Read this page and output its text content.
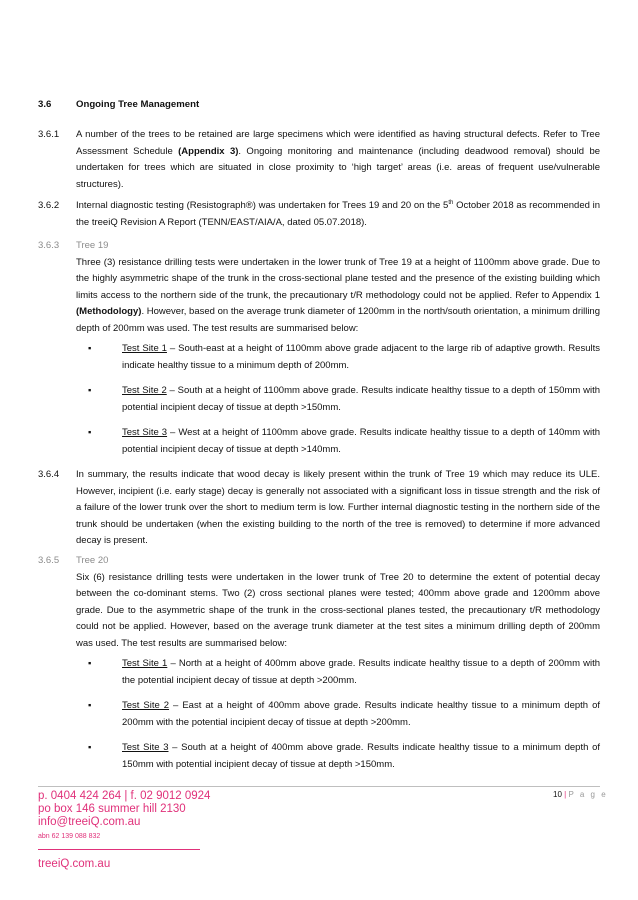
3.6	Ongoing Tree Management
3.6.1	A number of the trees to be retained are large specimens which were identified as having structural defects. Refer to Tree Assessment Schedule (Appendix 3). Ongoing monitoring and maintenance (including deadwood removal) should be undertaken for trees which are situated in close proximity to ‘high target’ areas (i.e. areas of frequent use/vulnerable structures).
3.6.2	Internal diagnostic testing (Resistograph®) was undertaken for Trees 19 and 20 on the 5th October 2018 as recommended in the treeiQ Revision A Report (TENN/EAST/AIA/A, dated 05.07.2018).
3.6.3	Tree 19
Three (3) resistance drilling tests were undertaken in the lower trunk of Tree 19 at a height of 1100mm above grade. Due to the highly asymmetric shape of the trunk in the cross-sectional plane tested and the presence of the existing building which limits access to the northern side of the trunk, the precautionary t/R methodology could not be applied. Refer to Appendix 1 (Methodology). However, based on the average trunk diameter of 1200mm in the north/south orientation, a minimum drilling depth of 200mm was used. The test results are summarised below:
▪	Test Site 1 – South-east at a height of 1100mm above grade adjacent to the large rib of adaptive growth. Results indicate healthy tissue to a minimum depth of 200mm.
▪	Test Site 2 – South at a height of 1100mm above grade. Results indicate healthy tissue to a depth of 150mm with potential incipient decay of tissue at depth >150mm.
▪	Test Site 3 – West at a height of 1100mm above grade. Results indicate healthy tissue to a depth of 140mm with potential incipient decay of tissue at depth >140mm.
3.6.4	In summary, the results indicate that wood decay is likely present within the trunk of Tree 19 which may reduce its ULE. However, incipient (i.e. early stage) decay is generally not associated with a significant loss in tissue strength and the risk of a failure of the lower trunk over the short to medium term is low. Further internal diagnostic testing in the northern side of the trunk should be undertaken (when the existing building to the north of the tree is removed) to determine if more advanced decay is present.
3.6.5	Tree 20
Six (6) resistance drilling tests were undertaken in the lower trunk of Tree 20 to determine the extent of potential decay between the co-dominant stems. Two (2) cross sectional planes were tested; 400mm above grade and 1200mm above grade. Due to the asymmetric shape of the trunk in the cross-sectional planes tested, the precautionary t/R methodology could not be applied. However, based on the average trunk diameter at the test sites a minimum drilling depth of 200mm was used. The test results are summarised below:
▪	Test Site 1 – North at a height of 400mm above grade. Results indicate healthy tissue to a depth of 200mm with the potential incipient decay of tissue at depth >200mm.
▪	Test Site 2 – East at a height of 400mm above grade. Results indicate healthy tissue to a minimum depth of 200mm with the potential incipient decay of tissue at depth >200mm.
▪	Test Site 3 – South at a height of 400mm above grade. Results indicate healthy tissue to a minimum depth of 150mm with potential incipient decay of tissue at depth >150mm.
p. 0404 424 264 | f. 02 9012 0924
po box 146 summer hill 2130
info@treeiQ.com.au
abn 62 139 088 832
treeiQ.com.au
10 | P a g e
